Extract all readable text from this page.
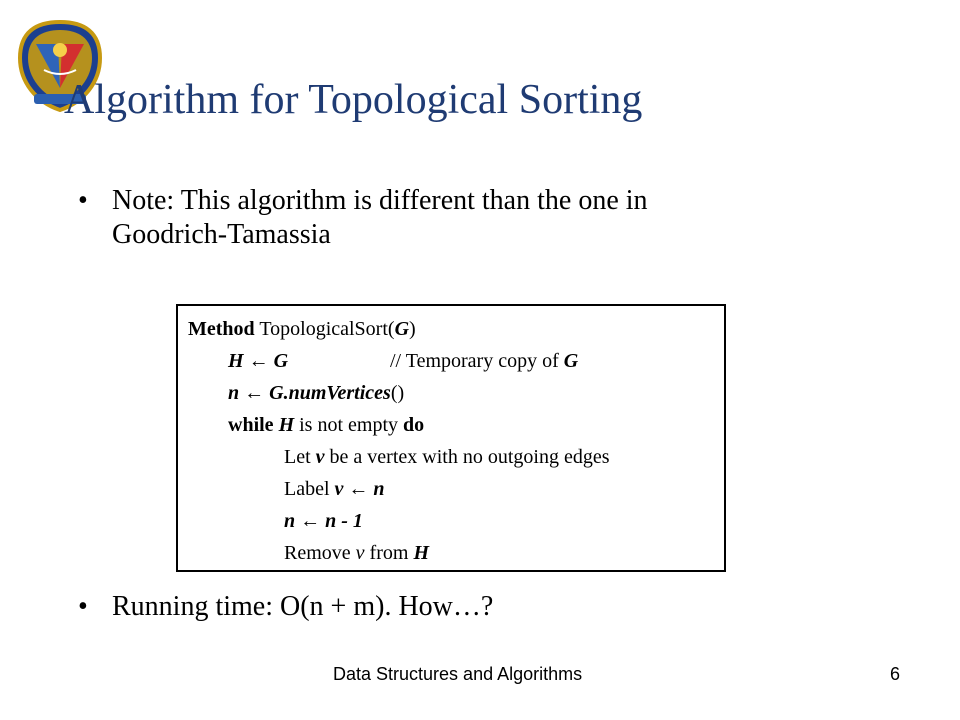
Algorithm for Topological Sorting
• Note: This algorithm is different than the one in
Goodrich-Tamassia
Method TopologicalSort(G)
H ← G	// Temporary copy of G
n ← G.numVertices()
while H is not empty do
Let v be a vertex with no outgoing edges
Label v ← n
n ← n - 1
Remove v from H
• Running time: O(n + m). How…?
Data Structures and Algorithms	6
